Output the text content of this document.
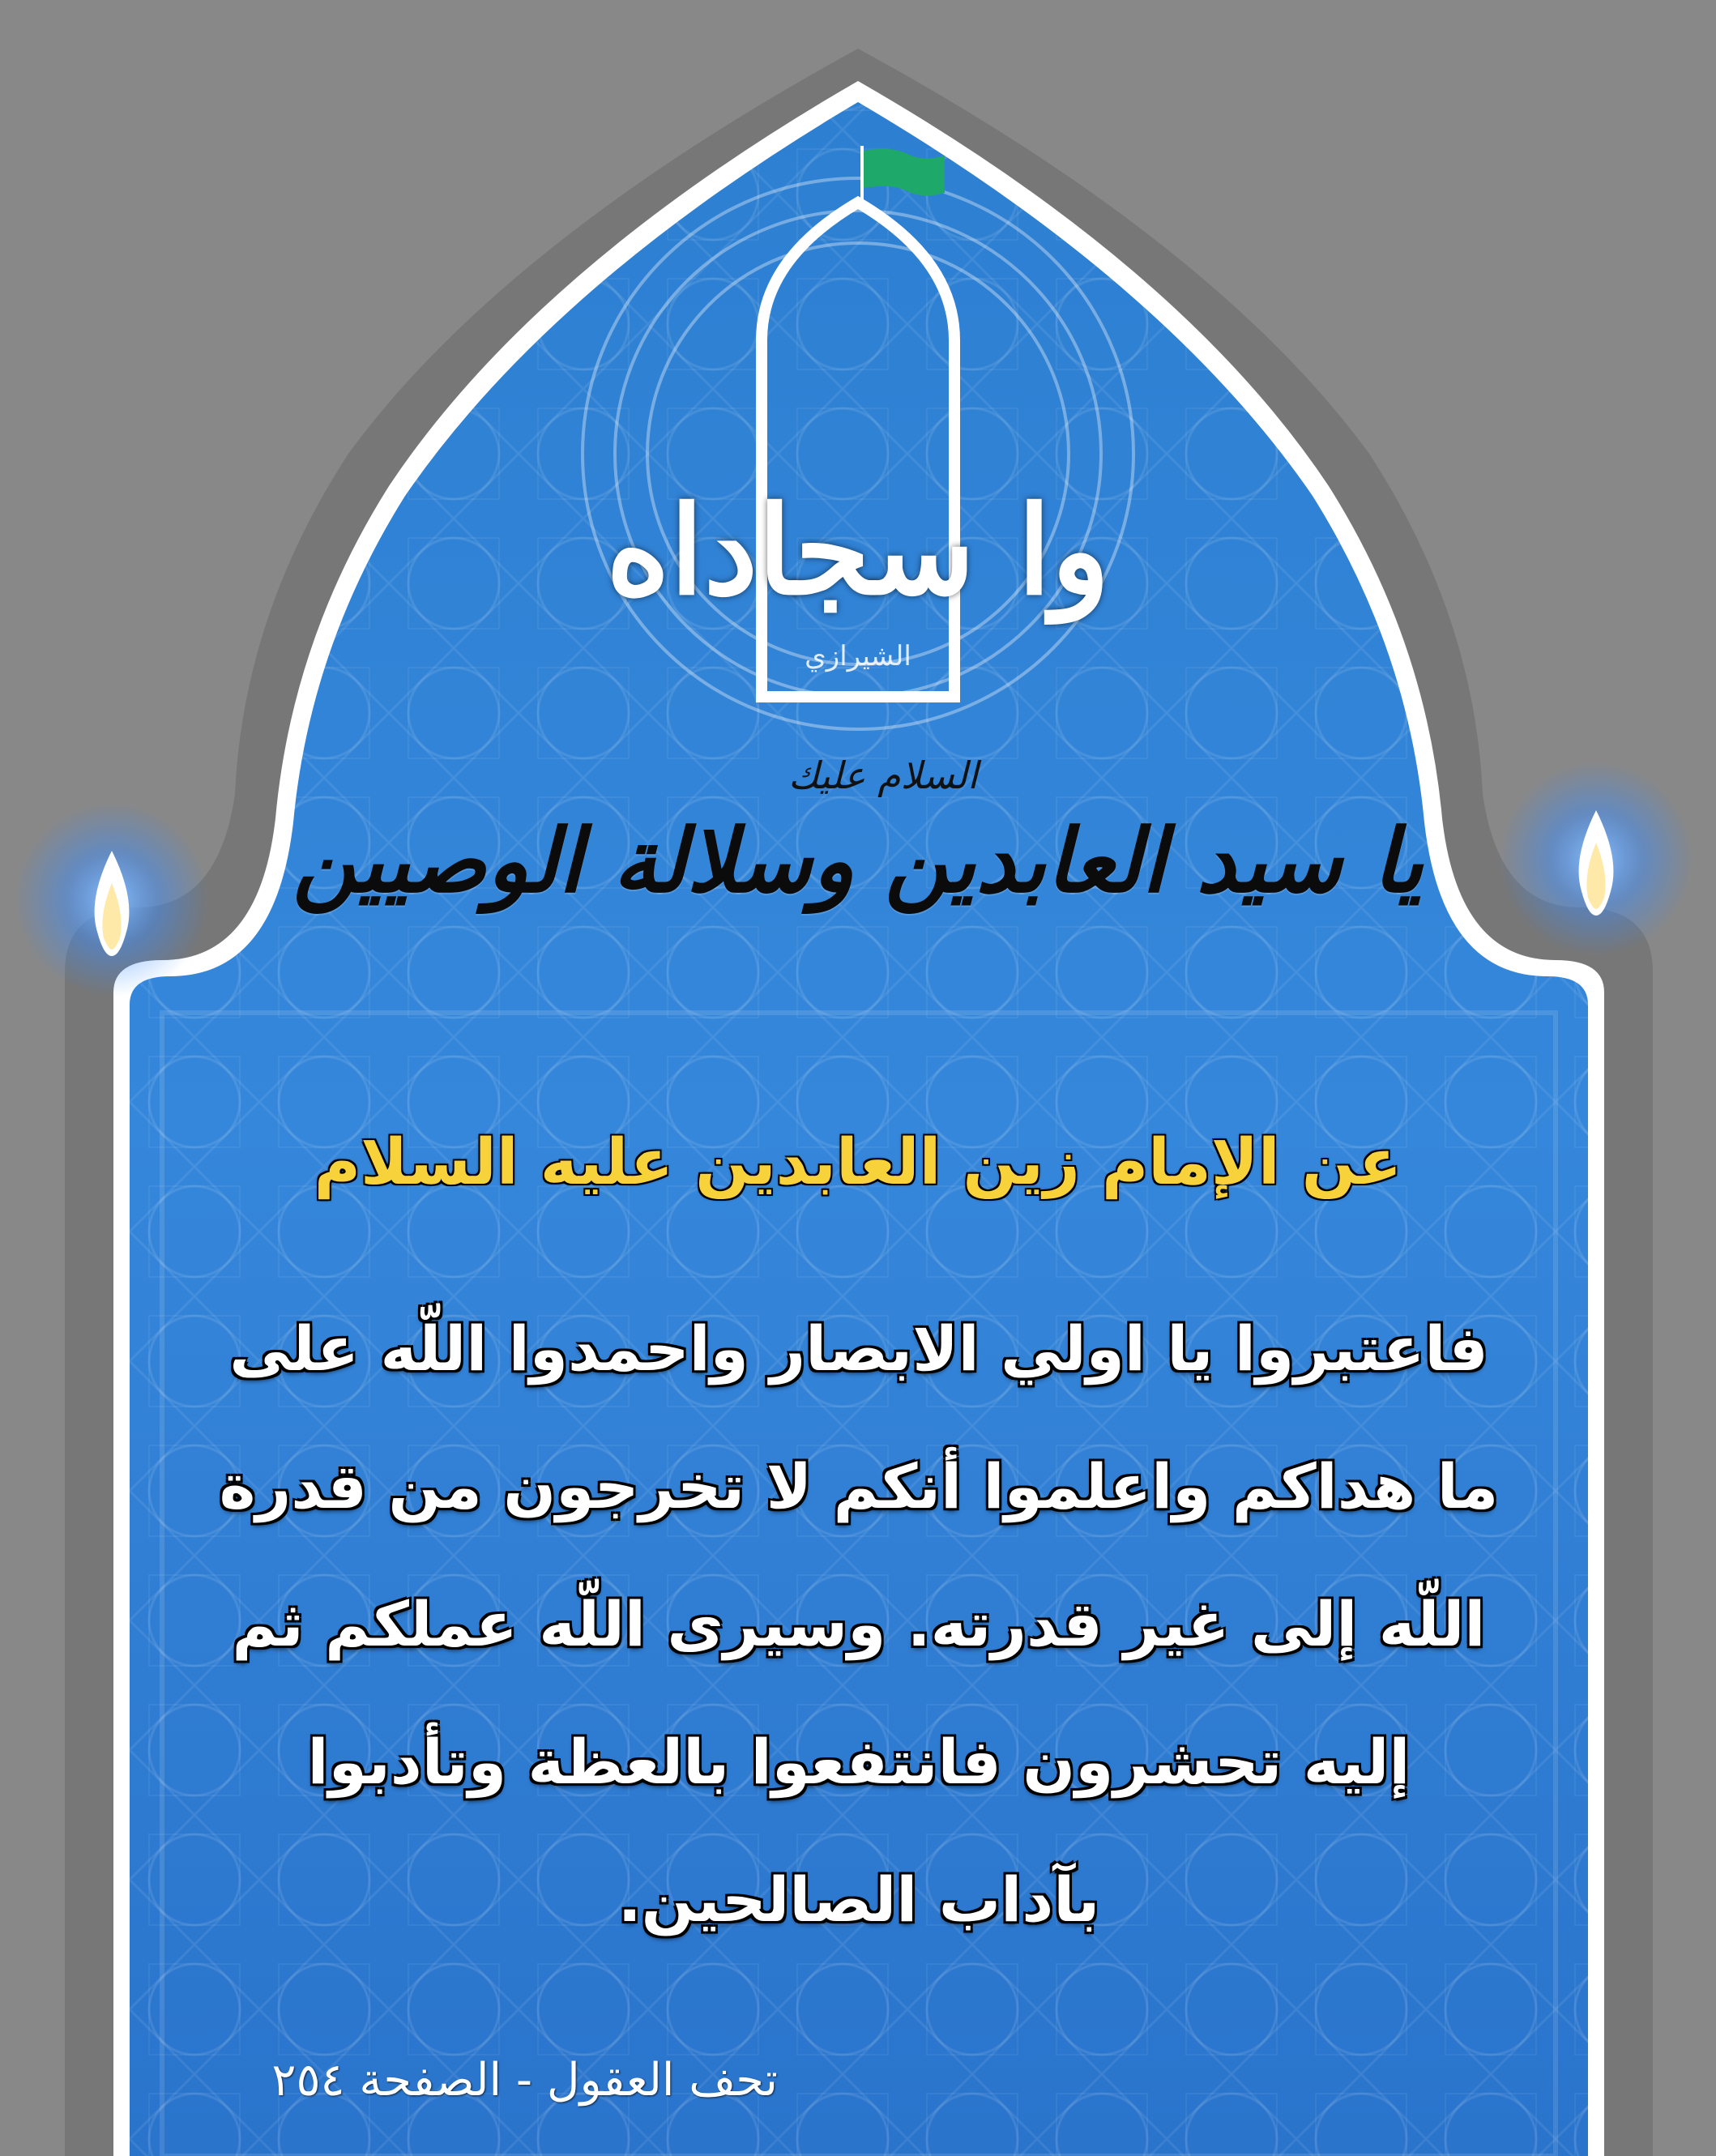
وا سجاداه
الشيرازي
السلام عليك
يا سيد العابدين وسلالة الوصيين
عن الإمام زين العابدين عليه السلام
فاعتبروا يا اولي الابصار واحمدوا اللّه على ما هداكم واعلموا أنكم لا تخرجون من قدرة اللّه إلى غير قدرته. وسيرى اللّه عملكم ثم إليه تحشرون فانتفعوا بالعظة وتأدبوا بآداب الصالحين.
تحف العقول - الصفحة ٢٥٤
